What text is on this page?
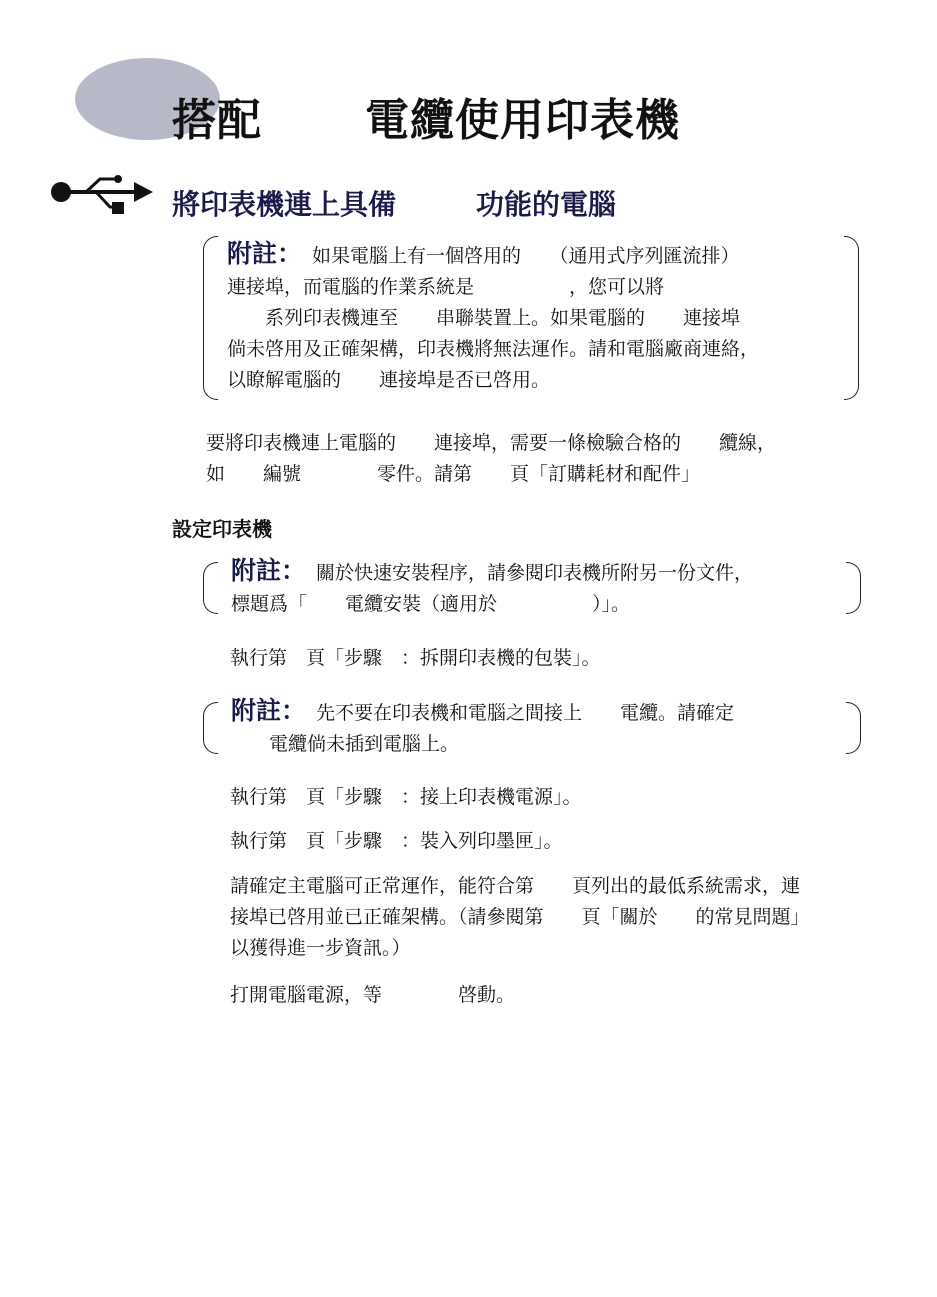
搭配 電纜使用印表機
將印表機連上具備	功能的電腦
附註： 如果電腦上有一個啓用的　　（通用式序列匯流排）
連接埠，而電腦的作業系統是　　　　　，您可以將
　　系列印表機連至　　串聯裝置上。如果電腦的　　連接埠
倘未啓用及正確架構，印表機將無法運作。請和電腦廠商連絡，
以瞭解電腦的　　連接埠是否已啓用。
要將印表機連上電腦的　　連接埠，需要一條檢驗合格的　　纜線，
如　　編號　　　　零件。請第　　頁「訂購耗材和配件」
設定印表機
附註： 關於快速安裝程序，請參閱印表機所附另一份文件，
標題爲「　　電纜安裝（適用於　　　　　）」。
執行第　頁「步驟　：拆開印表機的包裝」。
附註： 先不要在印表機和電腦之間接上　　電纜。請確定
　　電纜倘未插到電腦上。
執行第　頁「步驟　：接上印表機電源」。
執行第　頁「步驟　：裝入列印墨匣」。
請確定主電腦可正常運作，能符合第　　頁列出的最低系統需求，連
接埠已啓用並已正確架構。（請參閱第　　頁「關於　　的常見問題」
以獲得進一步資訊。）
打開電腦電源，等　　　　啓動。
